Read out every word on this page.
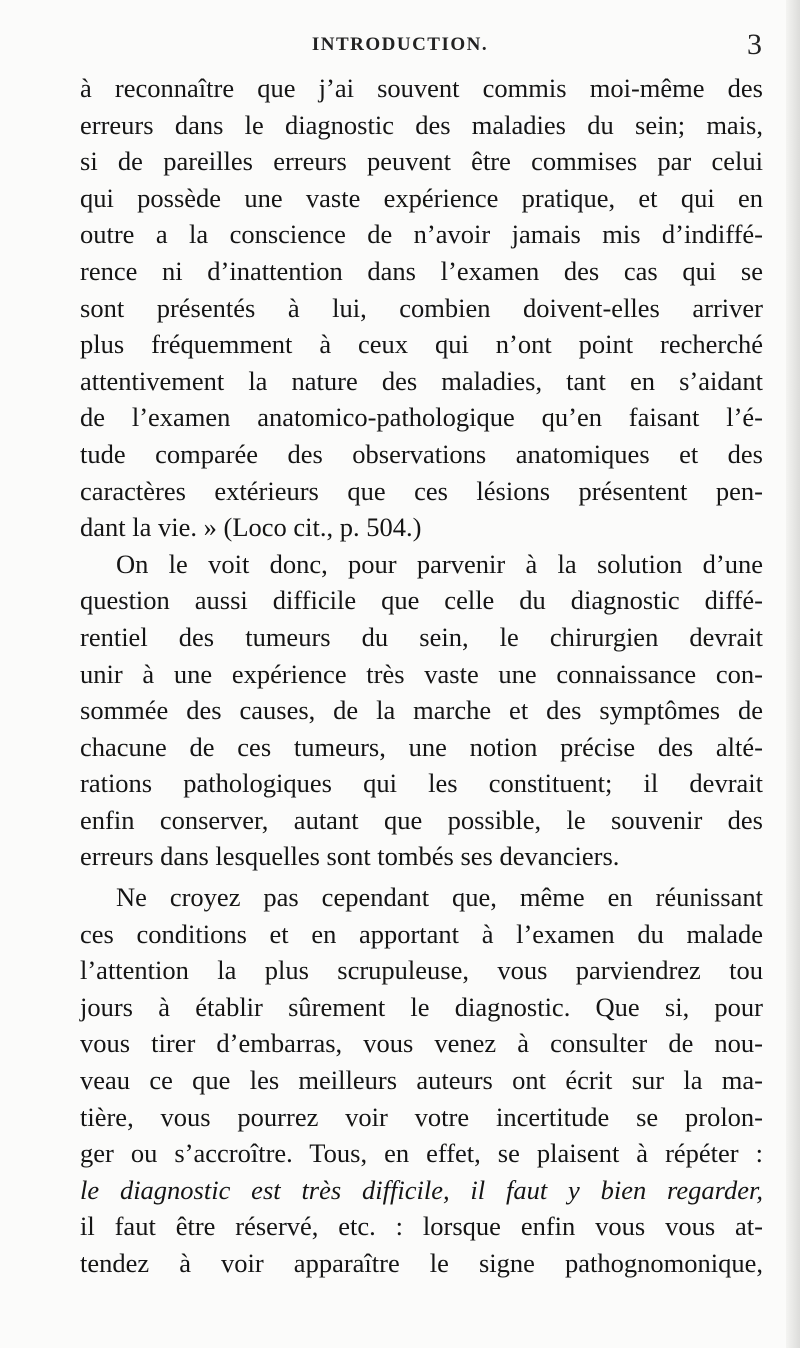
INTRODUCTION.	3
à reconnaître que j’ai souvent commis moi-même des
erreurs dans le diagnostic des maladies du sein; mais,
si de pareilles erreurs peuvent être commises par celui
qui possède une vaste expérience pratique, et qui en
outre a la conscience de n’avoir jamais mis d’indiffé-
rence ni d’inattention dans l’examen des cas qui se
sont présentés à lui, combien doivent-elles arriver
plus fréquemment à ceux qui n’ont point recherché
attentivement la nature des maladies, tant en s’aidant
de l’examen anatomico-pathologique qu’en faisant l’é-
tude comparée des observations anatomiques et des
caractères extérieurs que ces lésions présentent pen-
dant la vie. » (Loco cit., p. 504.)
On le voit donc, pour parvenir à la solution d’une
question aussi difficile que celle du diagnostic diffé-
rentiel des tumeurs du sein, le chirurgien devrait
unir à une expérience très vaste une connaissance con-
sommée des causes, de la marche et des symptômes de
chacune de ces tumeurs, une notion précise des alté-
rations pathologiques qui les constituent; il devrait
enfin conserver, autant que possible, le souvenir des
erreurs dans lesquelles sont tombés ses devanciers.
Ne croyez pas cependant que, même en réunissant
ces conditions et en apportant à l’examen du malade
l’attention la plus scrupuleuse, vous parviendrez tou
jours à établir sûrement le diagnostic. Que si, pour
vous tirer d’embarras, vous venez à consulter de nou-
veau ce que les meilleurs auteurs ont écrit sur la ma-
tière, vous pourrez voir votre incertitude se prolon-
ger ou s’accroître. Tous, en effet, se plaisent à répéter :
le diagnostic est très difficile, il faut y bien regarder,
il faut être réservé, etc. : lorsque enfin vous vous at-
tendez à voir apparaître le signe pathognomonique,
